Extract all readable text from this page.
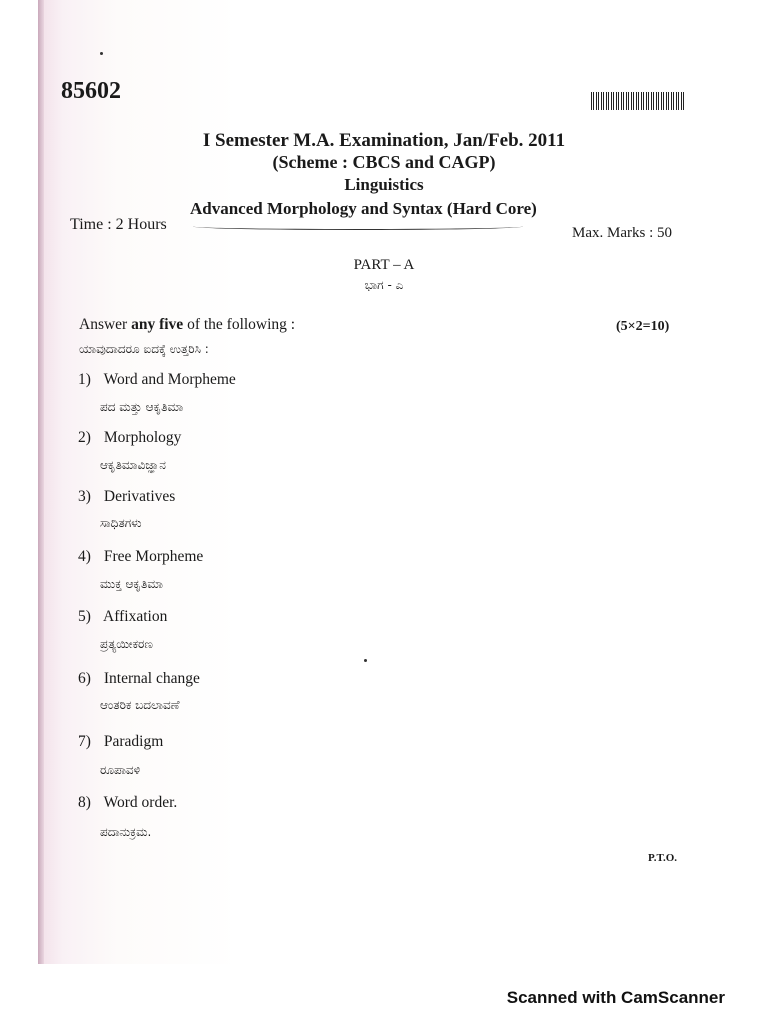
85602
I Semester M.A. Examination, Jan/Feb. 2011
(Scheme : CBCS and CAGP)
Linguistics
Advanced Morphology and Syntax (Hard Core)
Time : 2 Hours	Max. Marks : 50
PART – A
ಭಾಗ - ಎ
Answer any five of the following :	(5×2=10)
ಯಾವುದಾದರೂ ಐದಕ್ಕೆ ಉತ್ತರಿಸಿ :
1) Word and Morpheme
ಪದ ಮತ್ತು ಆಕೃತಿಮಾ
2) Morphology
ಆಕೃತಿಮಾವಿಜ್ಞಾನ
3) Derivatives
ಸಾಧಿತಗಳು
4) Free Morpheme
ಮುಕ್ತ ಆಕೃತಿಮಾ
5) Affixation
ಪ್ರತ್ಯಯೀಕರಣ
6) Internal change
ಆಂತರಿಕ ಬದಲಾವಣೆ
7) Paradigm
ರೂಪಾವಳಿ
8) Word order.
ಪದಾನುಕ್ರಮ.
P.T.O.
Scanned with CamScanner
